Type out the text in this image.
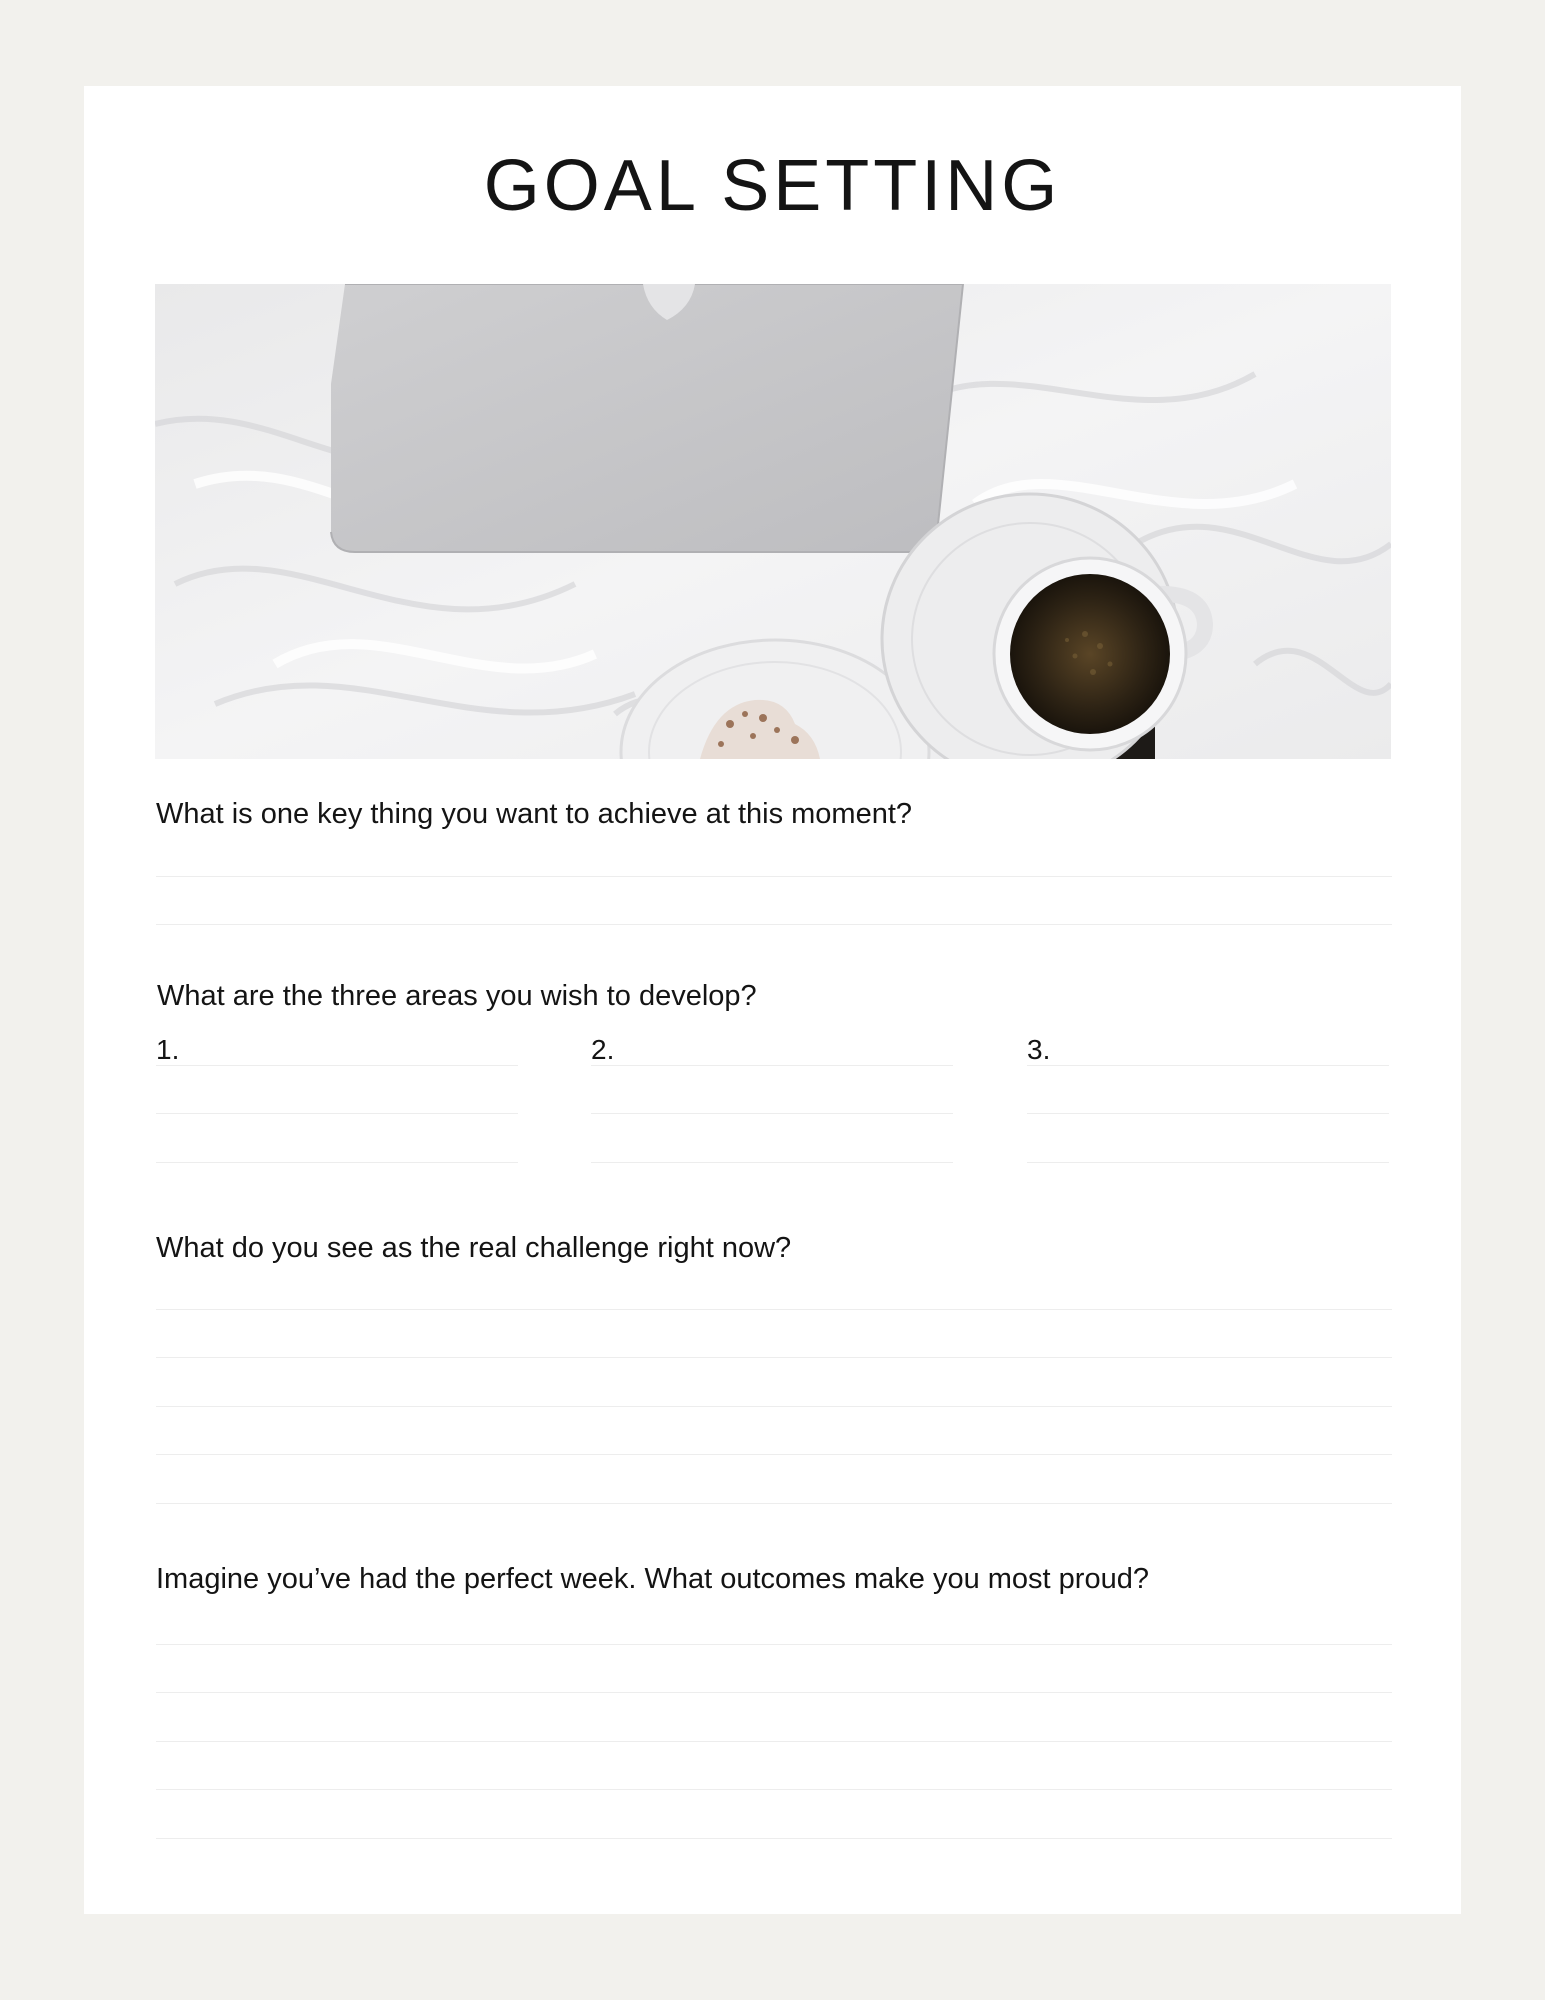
GOAL SETTING
What is one key thing you want to achieve at this moment?
What are the three areas you wish to develop?
1.	2.	3.
What do you see as the real challenge right now?
Imagine you’ve had the perfect week. What outcomes make you most proud?
